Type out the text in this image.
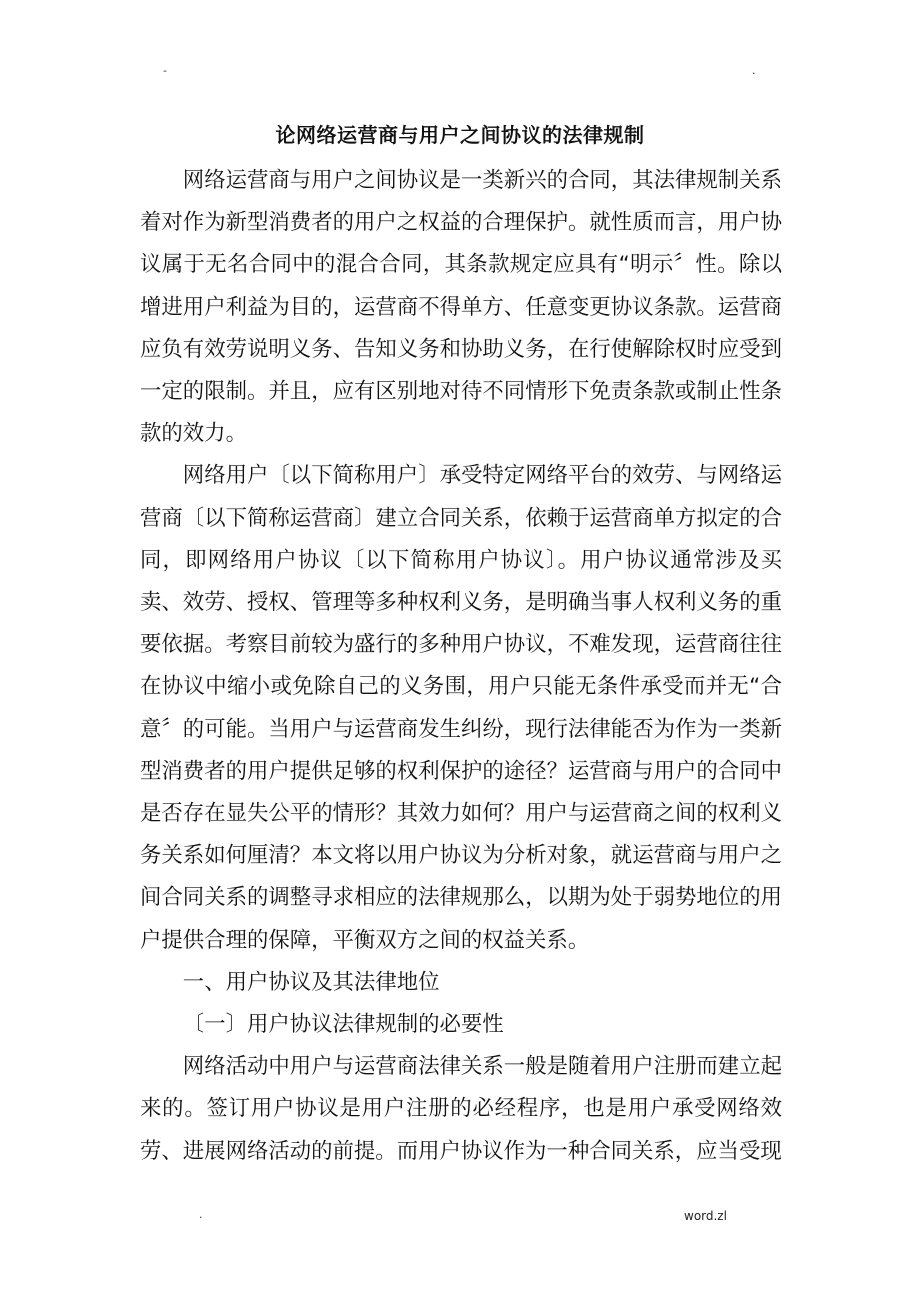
-	.
论网络运营商与用户之间协议的法律规制

网络运营商与用户之间协议是一类新兴的合同，其法律规制关系着对作为新型消费者的用户之权益的合理保护。就性质而言，用户协议属于无名合同中的混合合同，其条款规定应具有“明示〞性。除以增进用户利益为目的，运营商不得单方、任意变更协议条款。运营商应负有效劳说明义务、告知义务和协助义务，在行使解除权时应受到一定的限制。并且，应有区别地对待不同情形下免责条款或制止性条款的效力。

网络用户〔以下简称用户〕承受特定网络平台的效劳、与网络运营商〔以下简称运营商〕建立合同关系，依赖于运营商单方拟定的合同，即网络用户协议〔以下简称用户协议〕。用户协议通常涉及买卖、效劳、授权、管理等多种权利义务，是明确当事人权利义务的重要依据。考察目前较为盛行的多种用户协议，不难发现，运营商往往在协议中缩小或免除自己的义务围，用户只能无条件承受而并无“合意〞的可能。当用户与运营商发生纠纷，现行法律能否为作为一类新型消费者的用户提供足够的权利保护的途径？运营商与用户的合同中是否存在显失公平的情形？其效力如何？用户与运营商之间的权利义务关系如何厘清？本文将以用户协议为分析对象，就运营商与用户之间合同关系的调整寻求相应的法律规那么，以期为处于弱势地位的用户提供合理的保障，平衡双方之间的权益关系。

一、用户协议及其法律地位

〔一〕用户协议法律规制的必要性

网络活动中用户与运营商法律关系一般是随着用户注册而建立起来的。签订用户协议是用户注册的必经程序，也是用户承受网络效劳、进展网络活动的前提。而用户协议作为一种合同关系，应当受现

.	word.zl
